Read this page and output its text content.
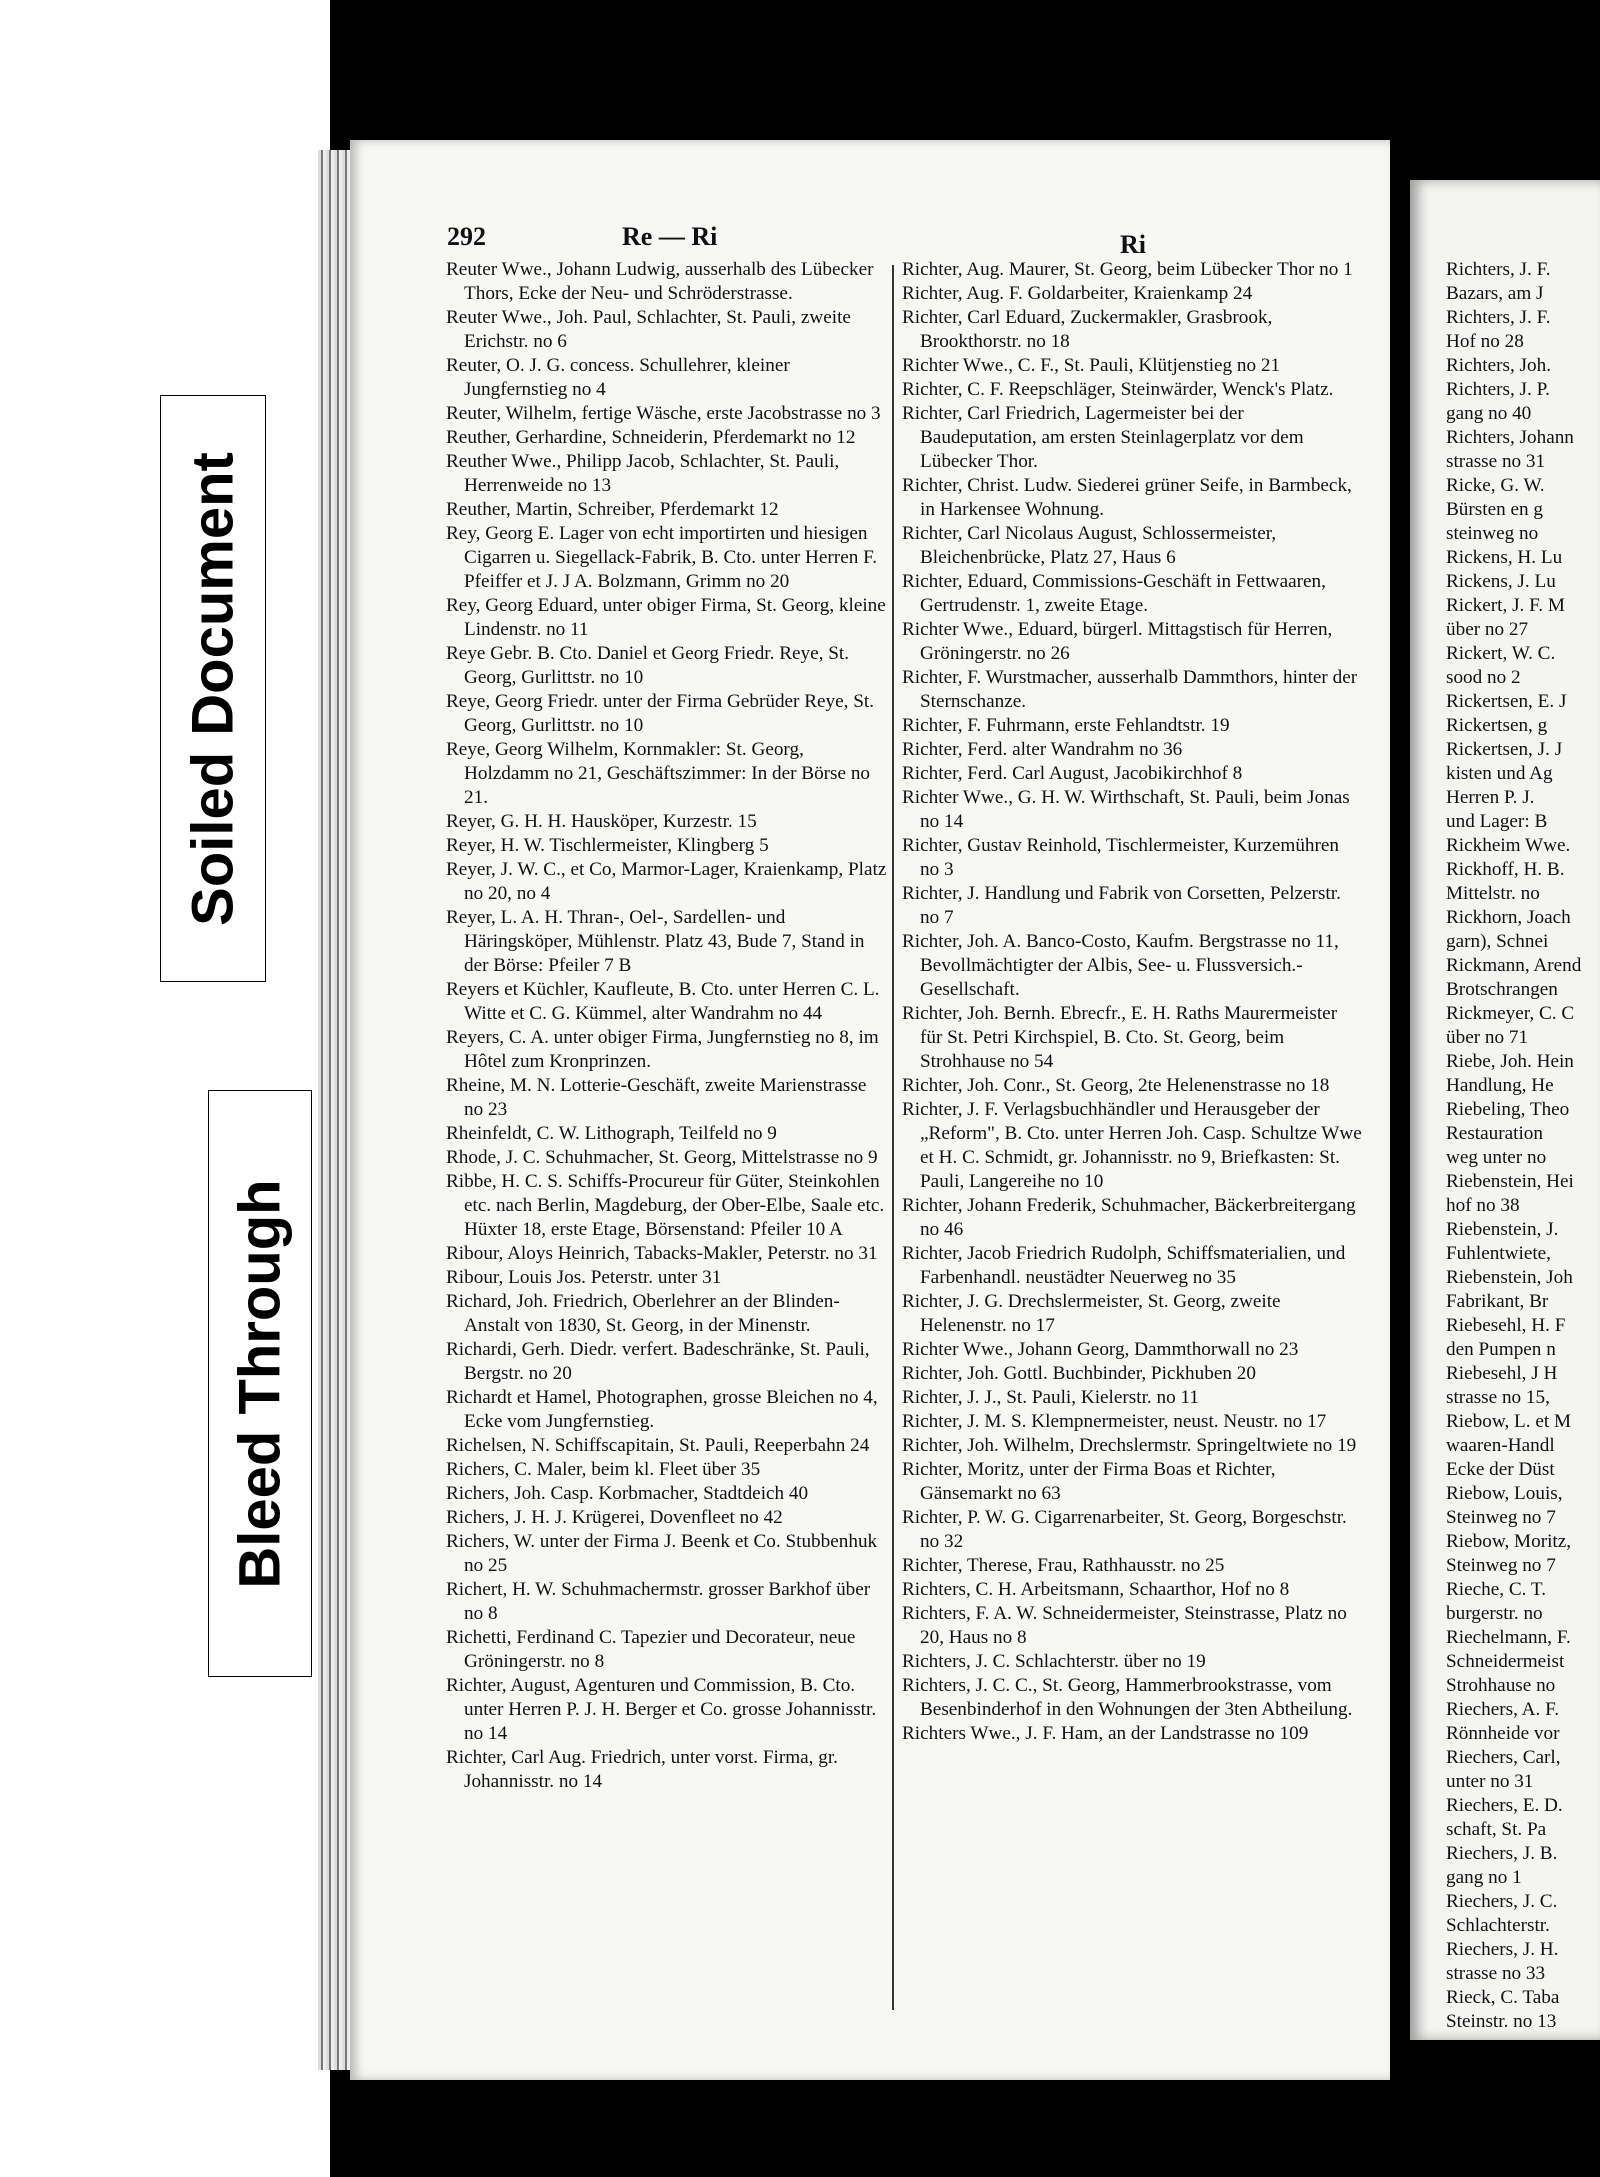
Soiled Document
Bleed Through
292	Re — Ri	Ri

Reuter Wwe., Johann Ludwig, ausserhalb des Lübecker Thors, Ecke der Neu- und Schröderstrasse.

Reuter Wwe., Joh. Paul, Schlachter, St. Pauli, zweite Erichstr. no 6

Reuter, O. J. G. concess. Schullehrer, kleiner Jungfernstieg no 4

Reuter, Wilhelm, fertige Wäsche, erste Jacobstrasse no 3

Reuther, Gerhardine, Schneiderin, Pferdemarkt no 12

Reuther Wwe., Philipp Jacob, Schlachter, St. Pauli, Herrenweide no 13

Reuther, Martin, Schreiber, Pferdemarkt 12

Rey, Georg E. Lager von echt importirten und hiesigen Cigarren u. Siegellack-Fabrik, B. Cto. unter Herren F. Pfeiffer et J. J A. Bolzmann, Grimm no 20

Rey, Georg Eduard, unter obiger Firma, St. Georg, kleine Lindenstr. no 11

Reye Gebr. B. Cto. Daniel et Georg Friedr. Reye, St. Georg, Gurlittstr. no 10

Reye, Georg Friedr. unter der Firma Gebrüder Reye, St. Georg, Gurlittstr. no 10

Reye, Georg Wilhelm, Kornmakler: St. Georg, Holzdamm no 21, Geschäftszimmer: In der Börse no 21.

Reyer, G. H. H. Hausköper, Kurzestr. 15

Reyer, H. W. Tischlermeister, Klingberg 5

Reyer, J. W. C., et Co, Marmor-Lager, Kraienkamp, Platz no 20, no 4

Reyer, L. A. H. Thran-, Oel-, Sardellen- und Häringsköper, Mühlenstr. Platz 43, Bude 7, Stand in der Börse: Pfeiler 7 B

Reyers et Küchler, Kaufleute, B. Cto. unter Herren C. L. Witte et C. G. Kümmel, alter Wandrahm no 44

Reyers, C. A. unter obiger Firma, Jungfernstieg no 8, im Hôtel zum Kronprinzen.

Rheine, M. N. Lotterie-Geschäft, zweite Marienstrasse no 23

Rheinfeldt, C. W. Lithograph, Teilfeld no 9

Rhode, J. C. Schuhmacher, St. Georg, Mittelstrasse no 9

Ribbe, H. C. S. Schiffs-Procureur für Güter, Steinkohlen etc. nach Berlin, Magdeburg, der Ober-Elbe, Saale etc. Hüxter 18, erste Etage, Börsenstand: Pfeiler 10 A

Ribour, Aloys Heinrich, Tabacks-Makler, Peterstr. no 31

Ribour, Louis Jos. Peterstr. unter 31

Richard, Joh. Friedrich, Oberlehrer an der Blinden-Anstalt von 1830, St. Georg, in der Minenstr.

Richardi, Gerh. Diedr. verfert. Badeschränke, St. Pauli, Bergstr. no 20

Richardt et Hamel, Photographen, grosse Bleichen no 4, Ecke vom Jungfernstieg.

Richelsen, N. Schiffscapitain, St. Pauli, Reeperbahn 24

Richers, C. Maler, beim kl. Fleet über 35

Richers, Joh. Casp. Korbmacher, Stadtdeich 40

Richers, J. H. J. Krügerei, Dovenfleet no 42

Richers, W. unter der Firma J. Beenk et Co. Stubbenhuk no 25

Richert, H. W. Schuhmachermstr. grosser Barkhof über no 8

Richetti, Ferdinand C. Tapezier und Decorateur, neue Gröningerstr. no 8

Richter, August, Agenturen und Commission, B. Cto. unter Herren P. J. H. Berger et Co. grosse Johannisstr. no 14

Richter, Carl Aug. Friedrich, unter vorst. Firma, gr. Johannisstr. no 14

Richter, Aug. Maurer, St. Georg, beim Lübecker Thor no 1

Richter, Aug. F. Goldarbeiter, Kraienkamp 24

Richter, Carl Eduard, Zuckermakler, Grasbrook, Brookthorstr. no 18

Richter Wwe., C. F., St. Pauli, Klütjenstieg no 21

Richter, C. F. Reepschläger, Steinwärder, Wenck's Platz.

Richter, Carl Friedrich, Lagermeister bei der Baudeputation, am ersten Steinlagerplatz vor dem Lübecker Thor.

Richter, Christ. Ludw. Siederei grüner Seife, in Barmbeck, in Harkensee Wohnung.

Richter, Carl Nicolaus August, Schlossermeister, Bleichenbrücke, Platz 27, Haus 6

Richter, Eduard, Commissions-Geschäft in Fettwaaren, Gertrudenstr. 1, zweite Etage.

Richter Wwe., Eduard, bürgerl. Mittagstisch für Herren, Gröningerstr. no 26

Richter, F. Wurstmacher, ausserhalb Dammthors, hinter der Sternschanze.

Richter, F. Fuhrmann, erste Fehlandtstr. 19

Richter, Ferd. alter Wandrahm no 36

Richter, Ferd. Carl August, Jacobikirchhof 8

Richter Wwe., G. H. W. Wirthschaft, St. Pauli, beim Jonas no 14

Richter, Gustav Reinhold, Tischlermeister, Kurzemühren no 3

Richter, J. Handlung und Fabrik von Corsetten, Pelzerstr. no 7

Richter, Joh. A. Banco-Costo, Kaufm. Bergstrasse no 11, Bevollmächtigter der Albis, See- u. Flussversich.-Gesellschaft.

Richter, Joh. Bernh. Ebrecfr., E. H. Raths Maurermeister für St. Petri Kirchspiel, B. Cto. St. Georg, beim Strohhause no 54

Richter, Joh. Conr., St. Georg, 2te Helenenstrasse no 18

Richter, J. F. Verlagsbuchhändler und Herausgeber der „Reform", B. Cto. unter Herren Joh. Casp. Schultze Wwe et H. C. Schmidt, gr. Johannisstr. no 9, Briefkasten: St. Pauli, Langereihe no 10

Richter, Johann Frederik, Schuhmacher, Bäckerbreitergang no 46

Richter, Jacob Friedrich Rudolph, Schiffsmaterialien, und Farbenhandl. neustädter Neuerweg no 35

Richter, J. G. Drechslermeister, St. Georg, zweite Helenenstr. no 17

Richter Wwe., Johann Georg, Dammthorwall no 23

Richter, Joh. Gottl. Buchbinder, Pickhuben 20

Richter, J. J., St. Pauli, Kielerstr. no 11

Richter, J. M. S. Klempnermeister, neust. Neustr. no 17

Richter, Joh. Wilhelm, Drechslermstr. Springeltwiete no 19

Richter, Moritz, unter der Firma Boas et Richter, Gänsemarkt no 63

Richter, P. W. G. Cigarrenarbeiter, St. Georg, Borgeschstr. no 32

Richter, Therese, Frau, Rathhausstr. no 25

Richters, C. H. Arbeitsmann, Schaarthor, Hof no 8

Richters, F. A. W. Schneidermeister, Steinstrasse, Platz no 20, Haus no 8

Richters, J. C. Schlachterstr. über no 19

Richters, J. C. C., St. Georg, Hammerbrookstrasse, vom Besenbinderhof in den Wohnungen der 3ten Abtheilung.

Richters Wwe., J. F. Ham, an der Landstrasse no 109

Richters, J. F.

Bazars, am J

Richters, J. F.

Hof no 28

Richters, Joh.

Richters, J. P.

gang no 40

Richters, Johann

strasse no 31

Ricke, G. W.

Bürsten en g

steinweg no

Rickens, H. Lu

Rickens, J. Lu

Rickert, J. F. M

über no 27

Rickert, W. C.

sood no 2

Rickertsen, E. J

Rickertsen, g

Rickertsen, J. J

kisten und Ag

Herren P. J.

und Lager: B

Rickheim Wwe.

Rickhoff, H. B.

Mittelstr. no

Rickhorn, Joach

garn), Schnei

Rickmann, Arend

Brotschrangen

Rickmeyer, C. C

über no 71

Riebe, Joh. Hein

Handlung, He

Riebeling, Theo

Restauration

weg unter no

Riebenstein, Hei

hof no 38

Riebenstein, J.

Fuhlentwiete,

Riebenstein, Joh

Fabrikant, Br

Riebesehl, H. F

den Pumpen n

Riebesehl, J H

strasse no 15,

Riebow, L. et M

waaren-Handl

Ecke der Düst

Riebow, Louis,

Steinweg no 7

Riebow, Moritz,

Steinweg no 7

Rieche, C. T.

burgerstr. no

Riechelmann, F.

Schneidermeist

Strohhause no

Riechers, A. F.

Rönnheide vor

Riechers, Carl,

unter no 31

Riechers, E. D.

schaft, St. Pa

Riechers, J. B.

gang no 1

Riechers, J. C.

Schlachterstr.

Riechers, J. H.

strasse no 33

Rieck, C. Taba

Steinstr. no 13
